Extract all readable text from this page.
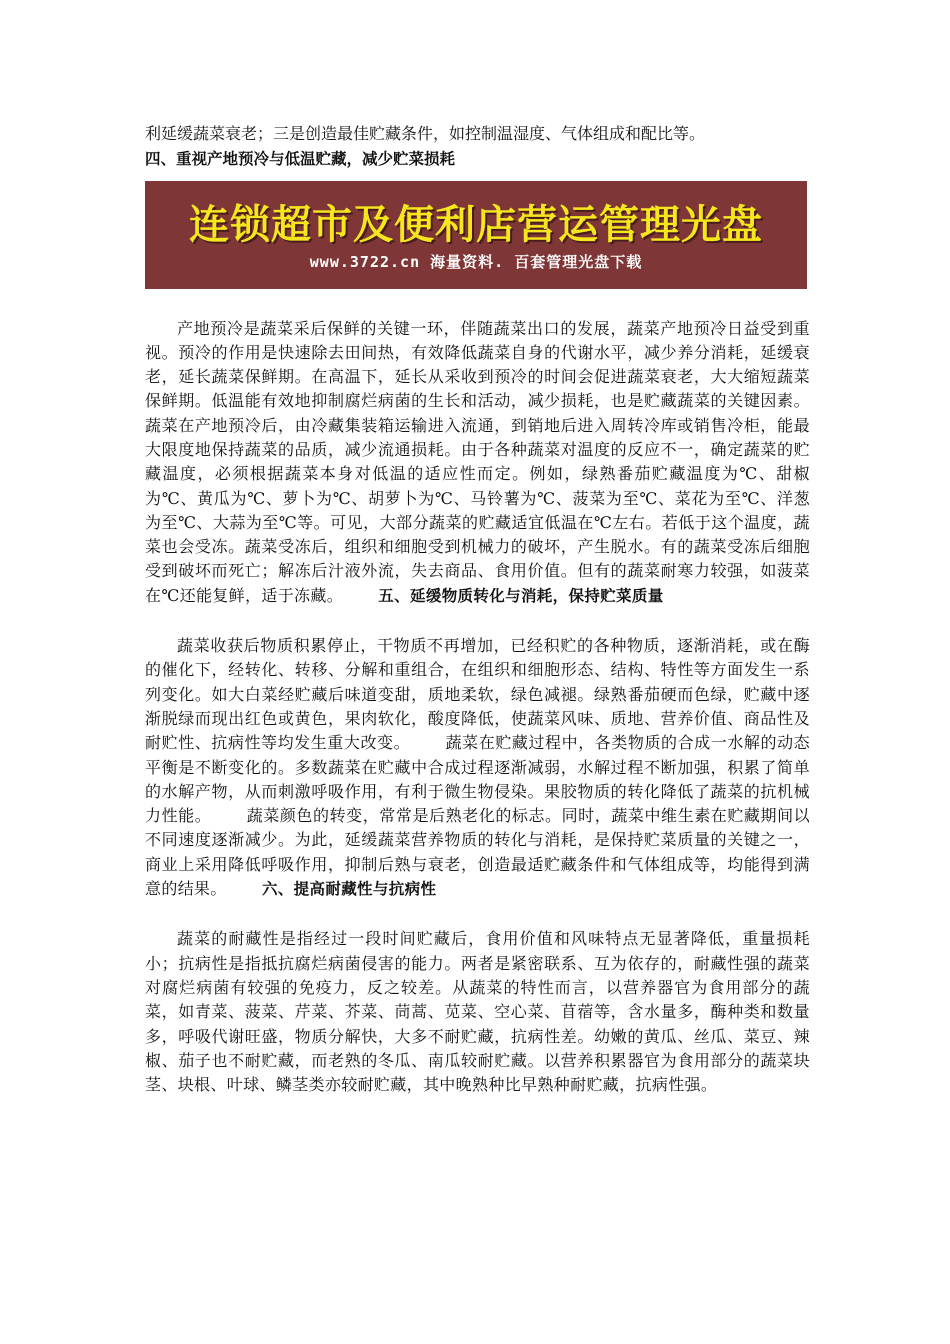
利延缓蔬菜衰老；三是创造最佳贮藏条件，如控制温湿度、气体组成和配比等。

四、重视产地预冷与低温贮藏，减少贮菜损耗

连锁超市及便利店营运管理光盘
www.3722.cn 海量资料. 百套管理光盘下载

产地预冷是蔬菜采后保鲜的关键一环，伴随蔬菜出口的发展，蔬菜产地预冷日益受到重视。预冷的作用是快速除去田间热，有效降低蔬菜自身的代谢水平，减少养分消耗，延缓衰老，延长蔬菜保鲜期。在高温下，延长从采收到预冷的时间会促进蔬菜衰老，大大缩短蔬菜保鲜期。低温能有效地抑制腐烂病菌的生长和活动，减少损耗，也是贮藏蔬菜的关键因素。蔬菜在产地预冷后，由冷藏集装箱运输进入流通，到销地后进入周转冷库或销售冷柜，能最大限度地保持蔬菜的品质，减少流通损耗。由于各种蔬菜对温度的反应不一，确定蔬菜的贮藏温度，必须根据蔬菜本身对低温的适应性而定。例如，绿熟番茄贮藏温度为℃、甜椒为℃、黄瓜为℃、萝卜为℃、胡萝卜为℃、马铃薯为℃、菠菜为至℃、菜花为至℃、洋葱为至℃、大蒜为至℃等。可见，大部分蔬菜的贮藏适宜低温在℃左右。若低于这个温度，蔬菜也会受冻。蔬菜受冻后，组织和细胞受到机械力的破坏，产生脱水。有的蔬菜受冻后细胞受到破坏而死亡；解冻后汁液外流，失去商品、食用价值。但有的蔬菜耐寒力较强，如菠菜在℃还能复鲜，适于冻藏。 五、延缓物质转化与消耗，保持贮菜质量

蔬菜收获后物质积累停止，干物质不再增加，已经积贮的各种物质，逐渐消耗，或在酶的催化下，经转化、转移、分解和重组合，在组织和细胞形态、结构、特性等方面发生一系列变化。如大白菜经贮藏后味道变甜，质地柔软，绿色减褪。绿熟番茄硬而色绿，贮藏中逐渐脱绿而现出红色或黄色，果肉软化，酸度降低，使蔬菜风味、质地、营养价值、商品性及耐贮性、抗病性等均发生重大改变。 蔬菜在贮藏过程中，各类物质的合成一水解的动态平衡是不断变化的。多数蔬菜在贮藏中合成过程逐渐减弱，水解过程不断加强，积累了简单的水解产物，从而刺激呼吸作用，有利于微生物侵染。果胶物质的转化降低了蔬菜的抗机械力性能。 蔬菜颜色的转变，常常是后熟老化的标志。同时，蔬菜中维生素在贮藏期间以不同速度逐渐减少。为此，延缓蔬菜营养物质的转化与消耗，是保持贮菜质量的关键之一，商业上采用降低呼吸作用，抑制后熟与衰老，创造最适贮藏条件和气体组成等，均能得到满意的结果。 六、提高耐藏性与抗病性

蔬菜的耐藏性是指经过一段时间贮藏后，食用价值和风味特点无显著降低，重量损耗小；抗病性是指抵抗腐烂病菌侵害的能力。两者是紧密联系、互为依存的，耐藏性强的蔬菜对腐烂病菌有较强的免疫力，反之较差。从蔬菜的特性而言，以营养器官为食用部分的蔬菜，如青菜、菠菜、芹菜、芥菜、茼蒿、苋菜、空心菜、苜蓿等，含水量多，酶种类和数量多，呼吸代谢旺盛，物质分解快，大多不耐贮藏，抗病性差。幼嫩的黄瓜、丝瓜、菜豆、辣椒、茄子也不耐贮藏，而老熟的冬瓜、南瓜较耐贮藏。以营养积累器官为食用部分的蔬菜块茎、块根、叶球、鳞茎类亦较耐贮藏，其中晚熟种比早熟种耐贮藏，抗病性强。
